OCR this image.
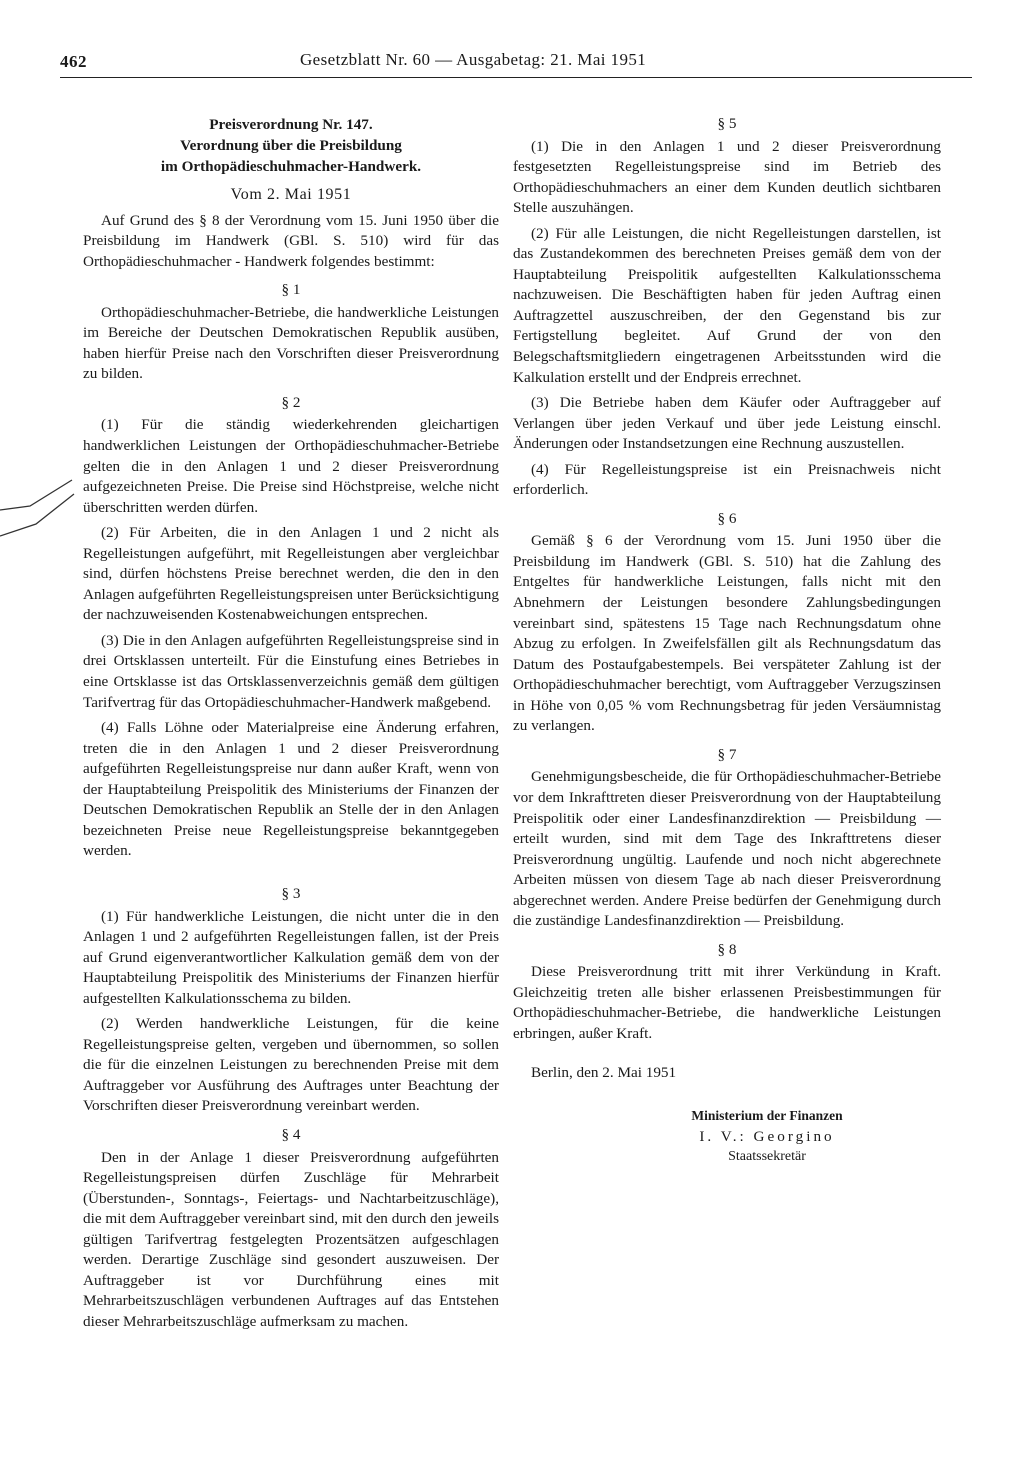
462	Gesetzblatt Nr. 60 — Ausgabetag: 21. Mai 1951
Preisverordnung Nr. 147.
Verordnung über die Preisbildung
im Orthopädieschuhmacher-Handwerk.
Vom 2. Mai 1951

Auf Grund des § 8 der Verordnung vom 15. Juni 1950 über die Preisbildung im Handwerk (GBl. S. 510) wird für das Orthopädieschuhmacher - Handwerk folgendes bestimmt:

§ 1

Orthopädieschuhmacher-Betriebe, die handwerkliche Leistungen im Bereiche der Deutschen Demokratischen Republik ausüben, haben hierfür Preise nach den Vorschriften dieser Preisverordnung zu bilden.

§ 2

(1) Für die ständig wiederkehrenden gleichartigen handwerklichen Leistungen der Orthopädieschuhmacher-Betriebe gelten die in den Anlagen 1 und 2 dieser Preisverordnung aufgezeichneten Preise. Die Preise sind Höchstpreise, welche nicht überschritten werden dürfen.

(2) Für Arbeiten, die in den Anlagen 1 und 2 nicht als Regelleistungen aufgeführt, mit Regelleistungen aber vergleichbar sind, dürfen höchstens Preise berechnet werden, die den in den Anlagen aufgeführten Regelleistungspreisen unter Berücksichtigung der nachzuweisenden Kostenabweichungen entsprechen.

(3) Die in den Anlagen aufgeführten Regelleistungspreise sind in drei Ortsklassen unterteilt. Für die Einstufung eines Betriebes in eine Ortsklasse ist das Ortsklassenverzeichnis gemäß dem gültigen Tarifvertrag für das Ortopädieschuhmacher-Handwerk maßgebend.

(4) Falls Löhne oder Materialpreise eine Änderung erfahren, treten die in den Anlagen 1 und 2 dieser Preisverordnung aufgeführten Regelleistungspreise nur dann außer Kraft, wenn von der Hauptabteilung Preispolitik des Ministeriums der Finanzen der Deutschen Demokratischen Republik an Stelle der in den Anlagen bezeichneten Preise neue Regelleistungspreise bekanntgegeben werden.

§ 3

(1) Für handwerkliche Leistungen, die nicht unter die in den Anlagen 1 und 2 aufgeführten Regelleistungen fallen, ist der Preis auf Grund eigenverantwortlicher Kalkulation gemäß dem von der Hauptabteilung Preispolitik des Ministeriums der Finanzen hierfür aufgestellten Kalkulationsschema zu bilden.

(2) Werden handwerkliche Leistungen, für die keine Regelleistungspreise gelten, vergeben und übernommen, so sollen die für die einzelnen Leistungen zu berechnenden Preise mit dem Auftraggeber vor Ausführung des Auftrages unter Beachtung der Vorschriften dieser Preisverordnung vereinbart werden.

§ 4

Den in der Anlage 1 dieser Preisverordnung aufgeführten Regelleistungspreisen dürfen Zuschläge für Mehrarbeit (Überstunden-, Sonntags-, Feiertags- und Nachtarbeitzuschläge), die mit dem Auftraggeber vereinbart sind, mit den durch den jeweils gültigen Tarifvertrag festgelegten Prozentsätzen aufgeschlagen werden. Derartige Zuschläge sind gesondert auszuweisen. Der Auftraggeber ist vor Durchführung eines mit Mehrarbeitszuschlägen verbundenen Auftrages auf das Entstehen dieser Mehrarbeitszuschläge aufmerksam zu machen.

§ 5

(1) Die in den Anlagen 1 und 2 dieser Preisverordnung festgesetzten Regelleistungspreise sind im Betrieb des Orthopädieschuhmachers an einer dem Kunden deutlich sichtbaren Stelle auszuhängen.

(2) Für alle Leistungen, die nicht Regelleistungen darstellen, ist das Zustandekommen des berechneten Preises gemäß dem von der Hauptabteilung Preispolitik aufgestellten Kalkulationsschema nachzuweisen. Die Beschäftigten haben für jeden Auftrag einen Auftragzettel auszuschreiben, der den Gegenstand bis zur Fertigstellung begleitet. Auf Grund der von den Belegschaftsmitgliedern eingetragenen Arbeitsstunden wird die Kalkulation erstellt und der Endpreis errechnet.

(3) Die Betriebe haben dem Käufer oder Auftraggeber auf Verlangen über jeden Verkauf und über jede Leistung einschl. Änderungen oder Instandsetzungen eine Rechnung auszustellen.

(4) Für Regelleistungspreise ist ein Preisnachweis nicht erforderlich.

§ 6

Gemäß § 6 der Verordnung vom 15. Juni 1950 über die Preisbildung im Handwerk (GBl. S. 510) hat die Zahlung des Entgeltes für handwerkliche Leistungen, falls nicht mit den Abnehmern der Leistungen besondere Zahlungsbedingungen vereinbart sind, spätestens 15 Tage nach Rechnungsdatum ohne Abzug zu erfolgen. In Zweifelsfällen gilt als Rechnungsdatum das Datum des Postaufgabestempels. Bei verspäteter Zahlung ist der Orthopädieschuhmacher berechtigt, vom Auftraggeber Verzugszinsen in Höhe von 0,05 % vom Rechnungsbetrag für jeden Versäumnistag zu verlangen.

§ 7

Genehmigungsbescheide, die für Orthopädieschuhmacher-Betriebe vor dem Inkrafttreten dieser Preisverordnung von der Hauptabteilung Preispolitik oder einer Landesfinanzdirektion — Preisbildung — erteilt wurden, sind mit dem Tage des Inkrafttretens dieser Preisverordnung ungültig. Laufende und noch nicht abgerechnete Arbeiten müssen von diesem Tage ab nach dieser Preisverordnung abgerechnet werden. Andere Preise bedürfen der Genehmigung durch die zuständige Landesfinanzdirektion — Preisbildung.

§ 8

Diese Preisverordnung tritt mit ihrer Verkündung in Kraft. Gleichzeitig treten alle bisher erlassenen Preisbestimmungen für Orthopädieschuhmacher-Betriebe, die handwerkliche Leistungen erbringen, außer Kraft.

Berlin, den 2. Mai 1951

Ministerium der Finanzen
I. V.: Georgino
Staatssekretär
